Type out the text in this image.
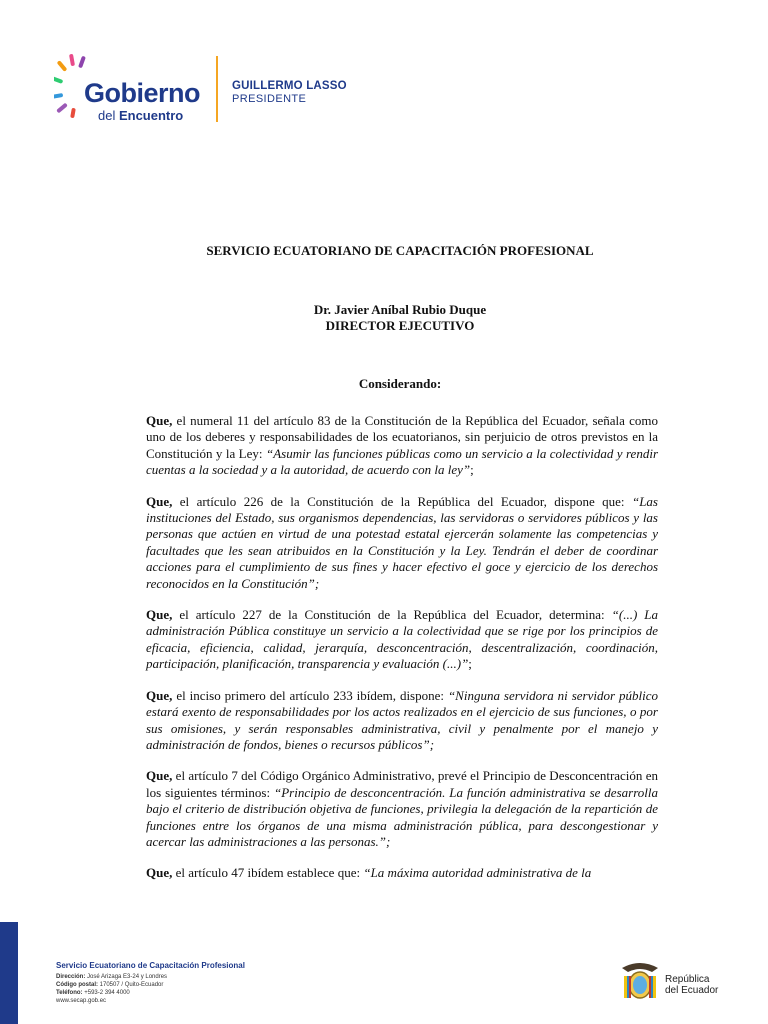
Gobierno
del Encuentro
GUILLERMO LASSO
PRESIDENTE
SERVICIO ECUATORIANO DE CAPACITACIÓN PROFESIONAL
Dr. Javier Aníbal Rubio Duque
DIRECTOR EJECUTIVO
Considerando:

Que, el numeral 11 del artículo 83 de la Constitución de la República del Ecuador, señala como uno de los deberes y responsabilidades de los ecuatorianos, sin perjuicio de otros previstos en la Constitución y la Ley: “Asumir las funciones públicas como un servicio a la colectividad y rendir cuentas a la sociedad y a la autoridad, de acuerdo con la ley”;

Que, el artículo 226 de la Constitución de la República del Ecuador, dispone que: “Las instituciones del Estado, sus organismos dependencias, las servidoras o servidores públicos y las personas que actúen en virtud de una potestad estatal ejercerán solamente las competencias y facultades que les sean atribuidos en la Constitución y la Ley. Tendrán el deber de coordinar acciones para el cumplimiento de sus fines y hacer efectivo el goce y ejercicio de los derechos reconocidos en la Constitución”;

Que, el artículo 227 de la Constitución de la República del Ecuador, determina: “(...) La administración Pública constituye un servicio a la colectividad que se rige por los principios de eficacia, eficiencia, calidad, jerarquía, desconcentración, descentralización, coordinación, participación, planificación, transparencia y evaluación (...)”;

Que, el inciso primero del artículo 233 ibídem, dispone: “Ninguna servidora ni servidor público estará exento de responsabilidades por los actos realizados en el ejercicio de sus funciones, o por sus omisiones, y serán responsables administrativa, civil y penalmente por el manejo y administración de fondos, bienes o recursos públicos”;

Que, el artículo 7 del Código Orgánico Administrativo, prevé el Principio de Desconcentración en los siguientes términos: “Principio de desconcentración. La función administrativa se desarrolla bajo el criterio de distribución objetiva de funciones, privilegia la delegación de la repartición de funciones entre los órganos de una misma administración pública, para descongestionar y acercar las administraciones a las personas.”;

Que, el artículo 47 ibídem establece que: “La máxima autoridad administrativa de la

Servicio Ecuatoriano de Capacitación Profesional
Dirección: José Arizaga E3-24 y Londres
Código postal: 170507 / Quito-Ecuador
Teléfono: +593-2 394 4000
www.secap.gob.ec
República
del Ecuador
